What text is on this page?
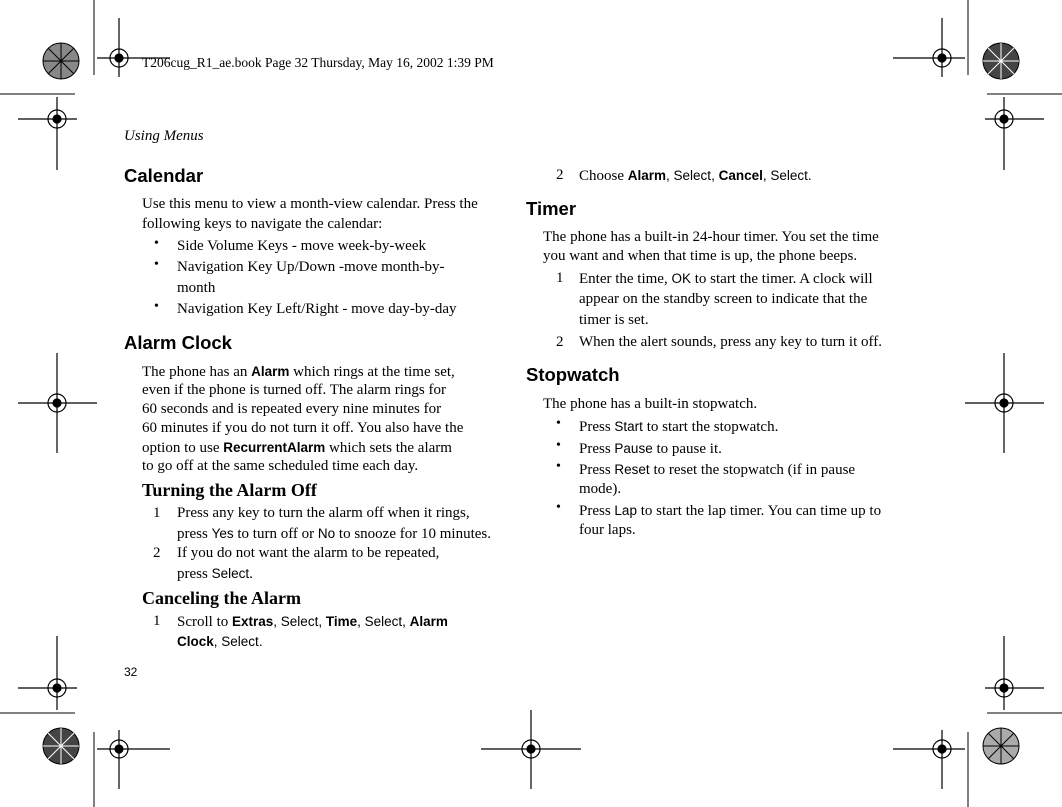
T206cug_R1_ae.book Page 32 Thursday, May 16, 2002 1:39 PM
Using Menus
Calendar
Use this menu to view a month-view calendar. Press the
following keys to navigate the calendar:
• Side Volume Keys - move week-by-week
• Navigation Key Up/Down -move month-by-
month
• Navigation Key Left/Right - move day-by-day
Alarm Clock
The phone has an Alarm which rings at the time set,
even if the phone is turned off. The alarm rings for
60 seconds and is repeated every nine minutes for
60 minutes if you do not turn it off. You also have the
option to use RecurrentAlarm which sets the alarm
to go off at the same scheduled time each day.
Turning the Alarm Off
1 Press any key to turn the alarm off when it rings,
press Yes to turn off or No to snooze for 10 minutes.
2 If you do not want the alarm to be repeated,
press Select.
Canceling the Alarm
1 Scroll to Extras, Select, Time, Select, Alarm
Clock, Select.
32
2 Choose Alarm, Select, Cancel, Select.
Timer
The phone has a built-in 24-hour timer. You set the time
you want and when that time is up, the phone beeps.
1 Enter the time, OK to start the timer. A clock will
appear on the standby screen to indicate that the
timer is set.
2 When the alert sounds, press any key to turn it off.
Stopwatch
The phone has a built-in stopwatch.
• Press Start to start the stopwatch.
• Press Pause to pause it.
• Press Reset to reset the stopwatch (if in pause
mode).
• Press Lap to start the lap timer. You can time up to
four laps.
